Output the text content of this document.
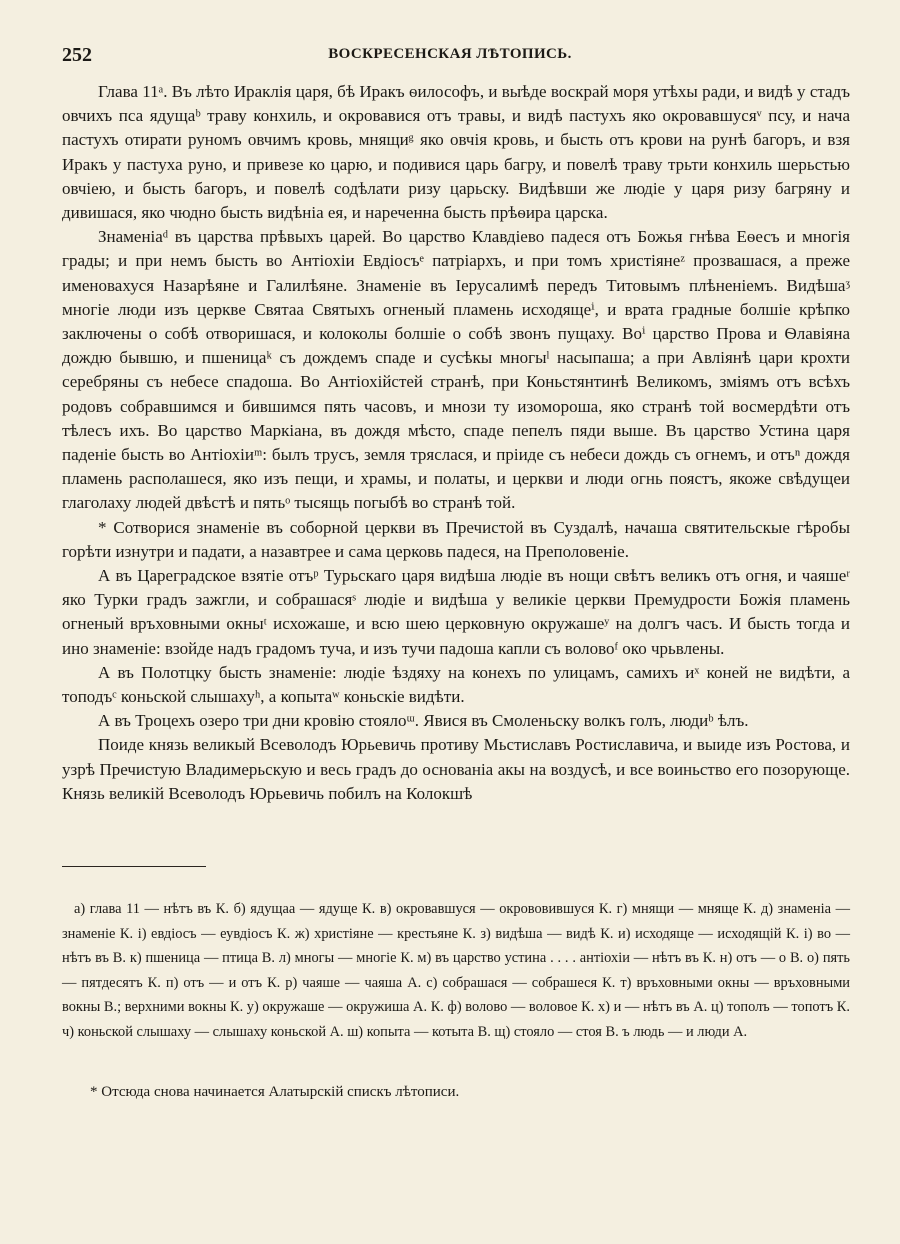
252	ВОСКРЕСЕНСКАЯ ЛѢТОПИСЬ.

Глава 11ᵃ. Въ лѣто Ираклія царя, бѣ Иракъ ѳилософъ, и выѣде воскрай моря утѣхы ради, и видѣ у стадъ овчихъ пса ядущаᵇ траву конхиль, и окровавися отъ травы, и видѣ пастухъ яко окровавшусяᵛ псу, и нача пастухъ отирати руномъ овчимъ кровь, мнящиᵍ яко овчія кровь, и бысть отъ крови на рунѣ багоръ, и взя Иракъ у пастуха руно, и привезе ко царю, и подивися царь багру, и повелѣ траву трьти конхиль шерьстью овчіею, и бысть багоръ, и повелѣ содѣлати ризу царьску. Видѣвши же людіе у царя ризу багряну и дивишася, яко чюдно бысть видѣніа ея, и нареченна бысть прѣѳира царска.

Знаменіаᵈ въ царства прѣвыхъ царей. Во царство Клавдіево падеся отъ Божья гнѣва Еѳесъ и многія грады; и при немъ бысть во Антіохіи Евдіосъᵉ патріархъ, и при томъ христіянеᶻ прозвашася, а преже именовахуся Назарѣяне и Галилѣяне. Знаменіе въ Іерусалимѣ передъ Титовымъ плѣненіемъ. Видѣшаᶾ многіе люди изъ церкве Святаа Святыхъ огненый пламень исходящеⁱ, и врата градные болшіе крѣпко заключены о собѣ отворишася, и колоколы болшіе о собѣ звонъ пущаху. Воⁱ царство Прова и Ѳлавіяна дождю бывшю, и пшеницаᵏ съ дождемъ спаде и сусѣкы многыˡ насыпаша; а при Авліянѣ цари крохти серебряны съ небесе спадоша. Во Антіохійстей странѣ, при Коньстянтинѣ Великомъ, зміямъ отъ всѣхъ родовъ собравшимся и бившимся пять часовъ, и мнози ту изомороша, яко странѣ той восмердѣти отъ тѣлесъ ихъ. Во царство Маркіана, въ дождя мѣсто, спаде пепелъ пяди выше. Въ царство Устина царя паденіе бысть во Антіохіиᵐ: былъ трусъ, земля тряслася, и пріиде съ небеси дождь съ огнемъ, и отъⁿ дождя пламень располашеся, яко изъ пещи, и храмы, и полаты, и церкви и люди огнь поястъ, якоже свѣдущеи глаголаху людей двѣстѣ и пятьᵒ тысящь погыбѣ во странѣ той.

* Сотворися знаменіе въ соборной церкви въ Пречистой въ Суздалѣ, начаша святительскые гѣробы горѣти изнутри и падати, а назавтрее и сама церковь падеся, на Преполовеніе.

А въ Цареградское взятіе отъᵖ Турьскаго царя видѣша людіе въ нощи свѣтъ великъ отъ огня, и чаяшеʳ яко Турки градъ зажгли, и собрашасяˢ людіе и видѣша у великіе церкви Премудрости Божія пламень огненый връховными окныᵗ исхожаше, и всю шею церковную окружашеʸ на долгъ часъ. И бысть тогда и ино знаменіе: взойде надъ градомъ туча, и изъ тучи падоша капли съ воловоᶠ око чрьвлены.

А въ Полотцку бысть знаменіе: людіе ѣздяху на конехъ по улицамъ, самихъ иˣ коней не видѣти, а топодъᶜ коньской слышахуʰ, а копытаʷ коньскіе видѣти.

А въ Троцехъ озеро три дни кровію стоялоᵚ. Явися въ Смоленьску волкъ голъ, людиᵇ ѣлъ.

Поиде князь великый Всеволодъ Юрьевичь противу Мьстиславъ Ростиславича, и выиде изъ Ростова, и узрѣ Пречистую Владимерьскую и весь градъ до основаніа акы на воздусѣ, и все воиньство его позорующе. Князь великій Всеволодъ Юрьевичь побилъ на Колокшѣ

а) глава 11 — нѣтъ въ К. б) ядущаа — ядуще К. в) окровавшуся — окрововившуся К. г) мнящи — мняще К. д) знаменіа — знаменіе К. і) евдіосъ — еувдіосъ К. ж) христіяне — крестьяне К. з) видѣша — видѣ К. и) исходяще — исходящій К. і) во — нѣтъ въ В. к) пшеница — птица В. л) многы — многіе К. м) въ царство устина . . . . антіохіи — нѣтъ въ К. н) отъ — о В. о) пять — пятдесятъ К. п) отъ — и отъ К. р) чаяше — чаяша А. с) собрашася — собрашеся К. т) връховными окны — връховными вокны В.; верхними вокны К. у) окружаше — окружиша А. К. ф) волово — воловое К. х) и — нѣтъ въ А. ц) тополъ — топотъ К. ч) коньской слышаху — слышаху коньской А. ш) копыта — котыта В. щ) стояло — стоя В. ъ людь — и люди А.

* Отсюда снова начинается Алатырскій спискъ лѣтописи.
